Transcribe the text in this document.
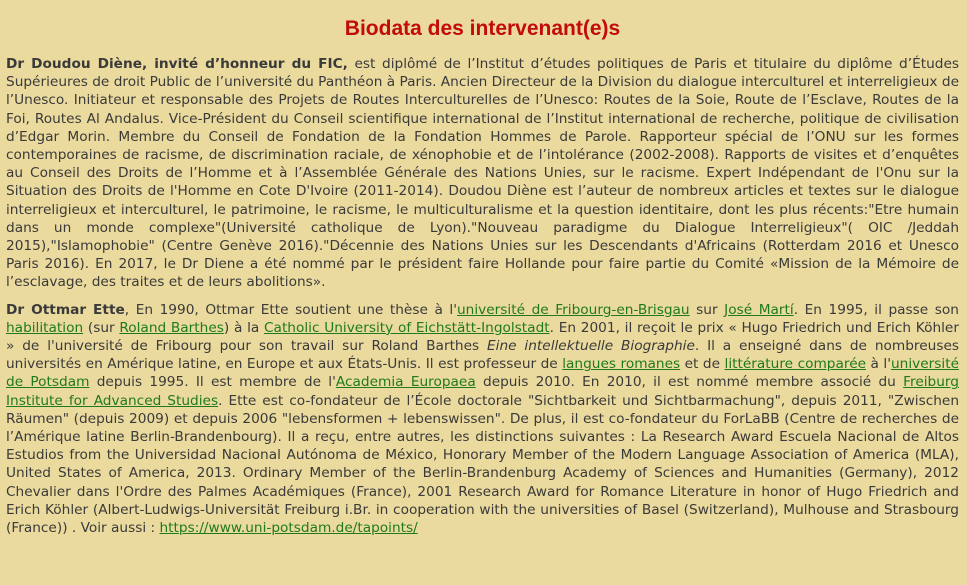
Biodata des intervenant(e)s

Dr Doudou Diène, invité d’honneur du FIC, est diplômé de l’Institut d’études politiques de Paris et titulaire du diplôme d’Études Supérieures de droit Public de l’université du Panthéon à Paris. Ancien Directeur de la Division du dialogue interculturel et interreligieux de l’Unesco. Initiateur et responsable des Projets de Routes Interculturelles de l’Unesco: Routes de la Soie, Route de l’Esclave, Routes de la Foi, Routes Al Andalus. Vice-Président du Conseil scientifique international de l’Institut international de recherche, politique de civilisation d’Edgar Morin. Membre du Conseil de Fondation de la Fondation Hommes de Parole. Rapporteur spécial de l’ONU sur les formes contemporaines de racisme, de discrimination raciale, de xénophobie et de l’intolérance (2002-2008). Rapports de visites et d’enquêtes au Conseil des Droits de l’Homme et à l’Assemblée Générale des Nations Unies, sur le racisme. Expert Indépendant de l'Onu sur la Situation des Droits de l'Homme en Cote D'Ivoire (2011-2014). Doudou Diène est l’auteur de nombreux articles et textes sur le dialogue interreligieux et interculturel, le patrimoine, le racisme, le multiculturalisme et la question identitaire, dont les plus récents:"Etre humain dans un monde complexe"(Université catholique de Lyon)."Nouveau paradigme du Dialogue Interreligieux"( OIC /Jeddah 2015),"Islamophobie" (Centre Genève 2016)."Décennie des Nations Unies sur les Descendants d'Africains (Rotterdam 2016 et Unesco Paris 2016). En 2017, le Dr Diene a été nommé par le président faire Hollande pour faire partie du Comité «Mission de la Mémoire de l’esclavage, des traites et de leurs abolitions».

Dr Ottmar Ette, En 1990, Ottmar Ette soutient une thèse à l'université de Fribourg-en-Brisgau sur José Martí. En 1995, il passe son habilitation (sur Roland Barthes) à la Catholic University of Eichstätt-Ingolstadt. En 2001, il reçoit le prix « Hugo Friedrich und Erich Köhler » de l'université de Fribourg pour son travail sur Roland Barthes Eine intellektuelle Biographie. Il a enseigné dans de nombreuses universités en Amérique latine, en Europe et aux États-Unis. Il est professeur de langues romanes et de littérature comparée à l'université de Potsdam depuis 1995. Il est membre de l'Academia Europaea depuis 2010. En 2010, il est nommé membre associé du Freiburg Institute for Advanced Studies. Ette est co-fondateur de l’École doctorale "Sichtbarkeit und Sichtbarmachung", depuis 2011, "Zwischen Räumen" (depuis 2009) et depuis 2006 "lebensformen + lebenswissen". De plus, il est co-fondateur du ForLaBB (Centre de recherches de l’Amérique latine Berlin-Brandenbourg). Il a reçu, entre autres, les distinctions suivantes : La Research Award Escuela Nacional de Altos Estudios from the Universidad Nacional Autónoma de México, Honorary Member of the Modern Language Association of America (MLA), United States of America, 2013. Ordinary Member of the Berlin-Brandenburg Academy of Sciences and Humanities (Germany), 2012 Chevalier dans l'Ordre des Palmes Académiques (France), 2001 Research Award for Romance Literature in honor of Hugo Friedrich and Erich Köhler (Albert-Ludwigs-Universität Freiburg i.Br. in cooperation with the universities of Basel (Switzerland), Mulhouse and Strasbourg (France)) . Voir aussi : https://www.uni-potsdam.de/tapoints/
